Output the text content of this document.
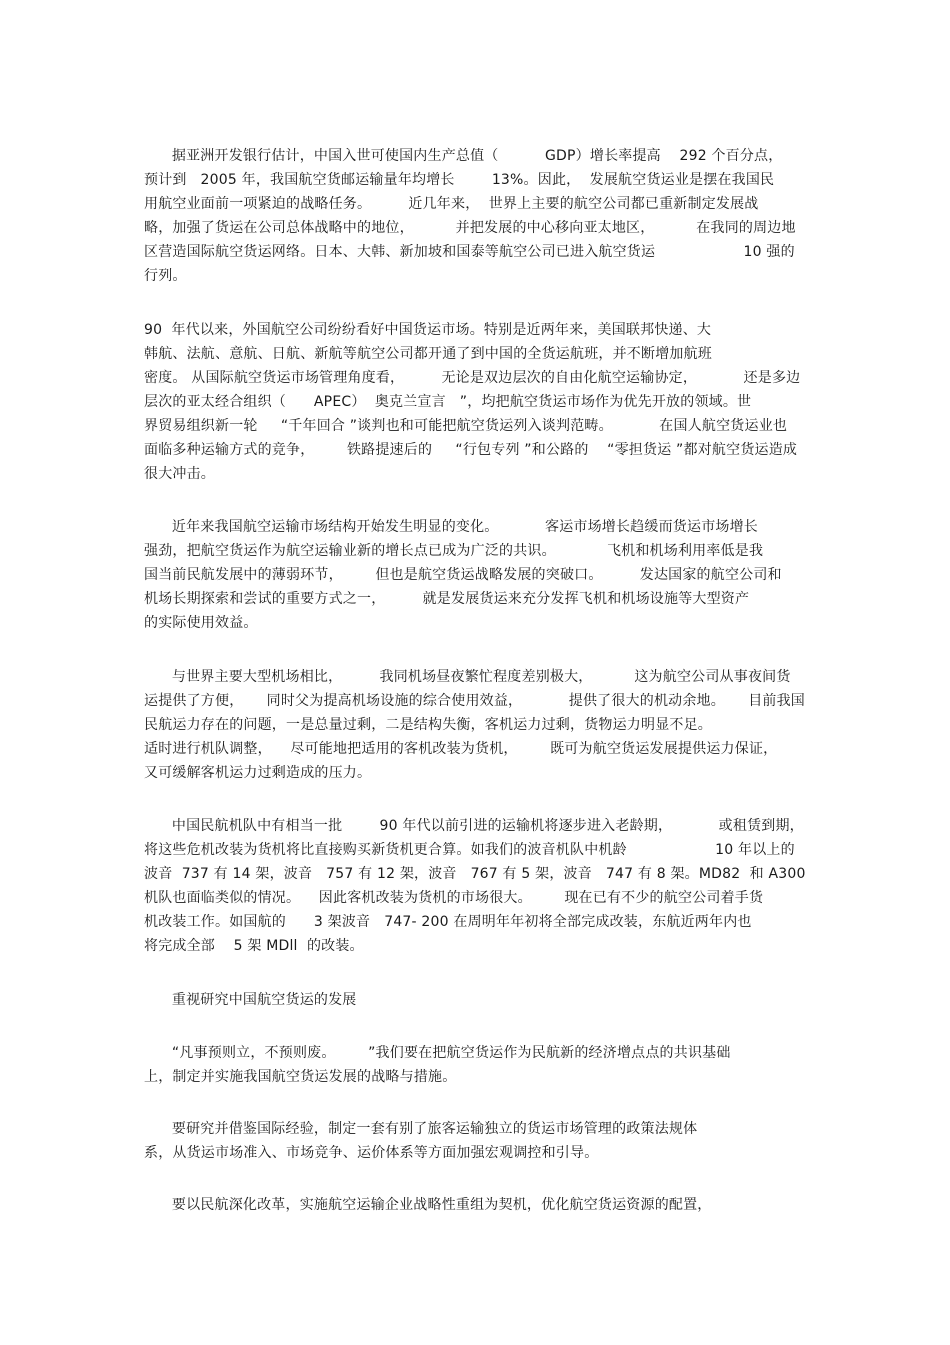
据亚洲开发银行估计，中国入世可使国内生产总值（          GDP）增长率提高    292 个百分点，
预计到   2005 年，我国航空货邮运输量年均增长        13%。因此，  发展航空货运业是摆在我国民
用航空业面前一项紧迫的战略任务。        近几年来，  世界上主要的航空公司都已重新制定发展战
略，加强了货运在公司总体战略中的地位，         并把发展的中心移向亚太地区，         在我同的周边地
区营造国际航空货运网络。日本、大韩、新加坡和国泰等航空公司已进入航空货运                   10 强的
行列。
90  年代以来，外国航空公司纷纷看好中国货运市场。特别是近两年来，美国联邦快递、大
韩航、法航、意航、日航、新航等航空公司都开通了到中国的全货运航班，并不断增加航班
密度。 从国际航空货运市场管理角度看，        无论是双边层次的自由化航空运输协定，          还是多边
层次的亚太经合组织（      APEC）  奥克兰宣言   ”，均把航空货运市场作为优先开放的领域。世
界贸易组织新一轮     “千年回合 ”谈判也和可能把航空货运列入谈判范畴。          在国人航空货运业也
面临多种运输方式的竞争，       铁路提速后的     “行包专列 ”和公路的    “零担货运 ”都对航空货运造成
很大冲击。
近年来我国航空运输市场结构开始发生明显的变化。          客运市场增长趋缓而货运市场增长
强劲，把航空货运作为航空运输业新的增长点已成为广泛的共识。           飞机和机场利用率低是我
国当前民航发展中的薄弱环节，       但也是航空货运战略发展的突破口。        发达国家的航空公司和
机场长期探索和尝试的重要方式之一，        就是发展货运来充分发挥飞机和机场设施等大型资产
的实际使用效益。
与世界主要大型机场相比，        我同机场昼夜繁忙程度差别极大，         这为航空公司从事夜间货
运提供了方便，     同时父为提高机场设施的综合使用效益，          提供了很大的机动余地。     目前我国
民航运力存在的问题，一是总量过剩，二是结构失衡，客机运力过剩，货物运力明显不足。
适时进行机队调整，    尽可能地把适用的客机改装为货机，       既可为航空货运发展提供运力保证，
又可缓解客机运力过剩造成的压力。
中国民航机队中有相当一批        90 年代以前引进的运输机将逐步进入老龄期，          或租赁到期，
将这些危机改装为货机将比直接购买新货机更合算。如我们的波音机队中机龄                   10 年以上的
波音  737 有 14 架，波音   757 有 12 架，波音   767 有 5 架，波音   747 有 8 架。MD82  和 A300
机队也面临类似的情况。    因此客机改装为货机的市场很大。       现在已有不少的航空公司着手货
机改装工作。如国航的      3 架波音   747- 200 在周明年年初将全部完成改装，东航近两年内也
将完成全部    5 架 MDll  的改装。
重视研究中国航空货运的发展
“凡事预则立，不预则废。       ”我们要在把航空货运作为民航新的经济增点点的共识基础
上，制定并实施我国航空货运发展的战略与措施。
要研究并借鉴国际经验，制定一套有别了旅客运输独立的货运市场管理的政策法规体
系，从货运市场准入、市场竞争、运价体系等方面加强宏观调控和引导。
要以民航深化改革，实施航空运输企业战略性重组为契机，优化航空货运资源的配置，
